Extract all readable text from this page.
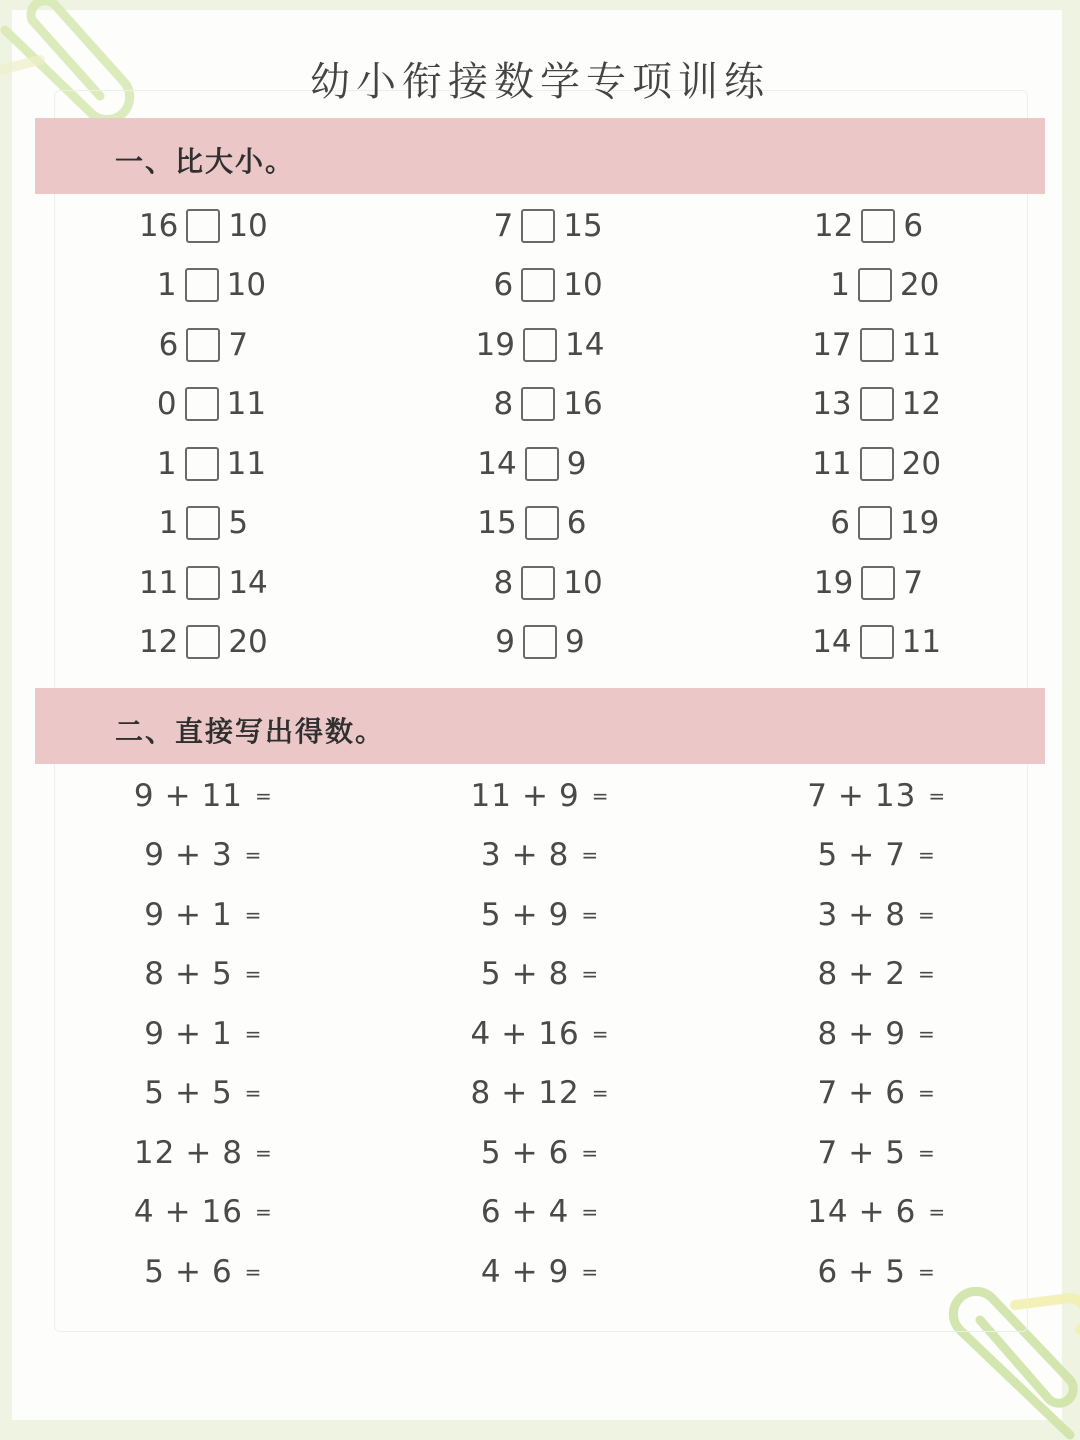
幼小衔接数学专项训练
一、比大小。
16 10	7 15	12 6
1 10	6 10	1 20
6 7	19 14	17 11
0 11	8 16	13 12
1 11	14 9	11 20
1 5	15 6	6 19
11 14	8 10	19 7
12 20	9 9	14 11
二、直接写出得数。
9 + 11 =	11 + 9 =	7 + 13 =
9 + 3 =	3 + 8 =	5 + 7 =
9 + 1 =	5 + 9 =	3 + 8 =
8 + 5 =	5 + 8 =	8 + 2 =
9 + 1 =	4 + 16 =	8 + 9 =
5 + 5 =	8 + 12 =	7 + 6 =
12 + 8 =	5 + 6 =	7 + 5 =
4 + 16 =	6 + 4 =	14 + 6 =
5 + 6 =	4 + 9 =	6 + 5 =
